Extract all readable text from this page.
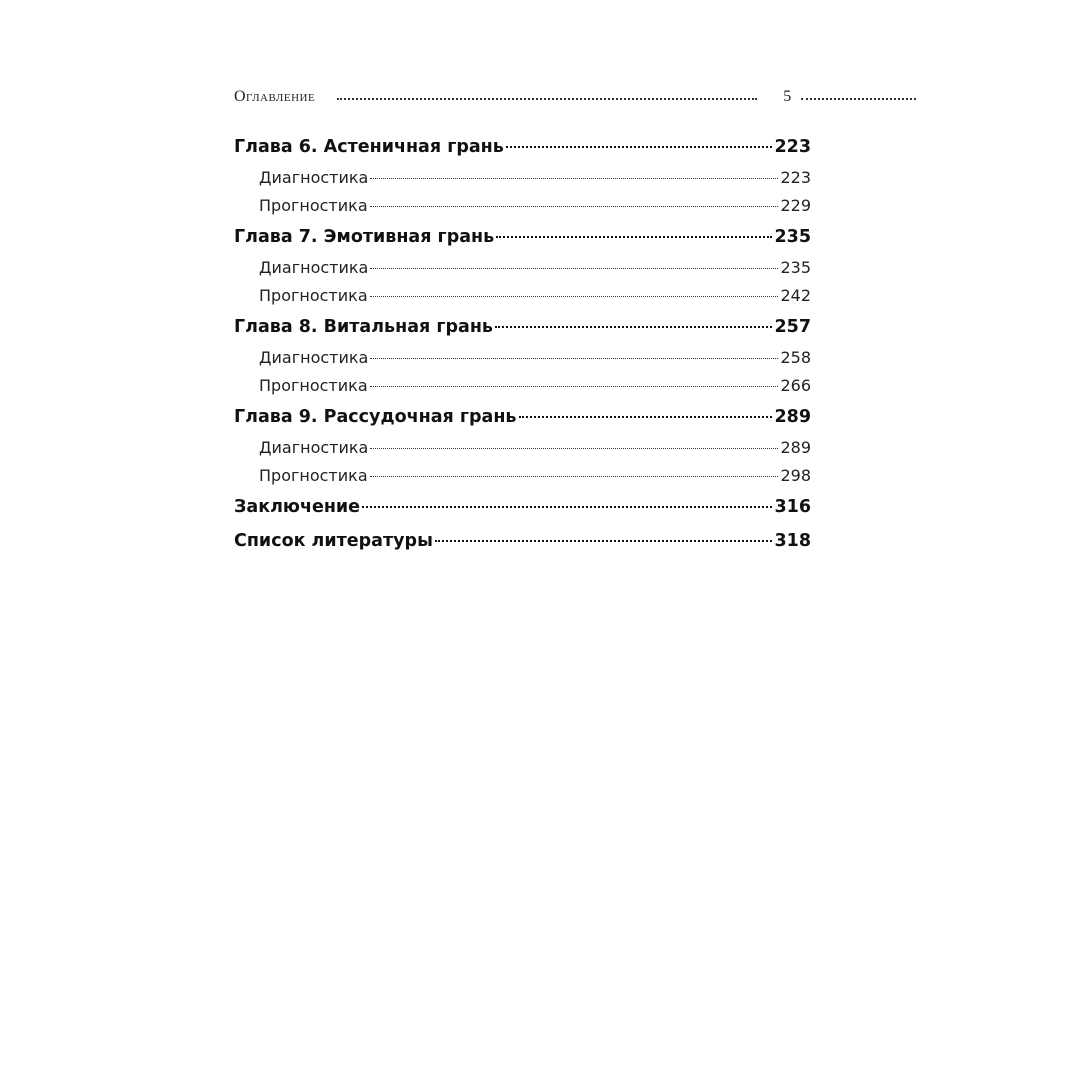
Оглавление	5
Глава 6. Астеничная грань	223
Диагностика	223
Прогностика	229
Глава 7. Эмотивная грань	235
Диагностика	235
Прогностика	242
Глава 8. Витальная грань	257
Диагностика	258
Прогностика	266
Глава 9. Рассудочная грань	289
Диагностика	289
Прогностика	298
Заключение	316
Список литературы	318
